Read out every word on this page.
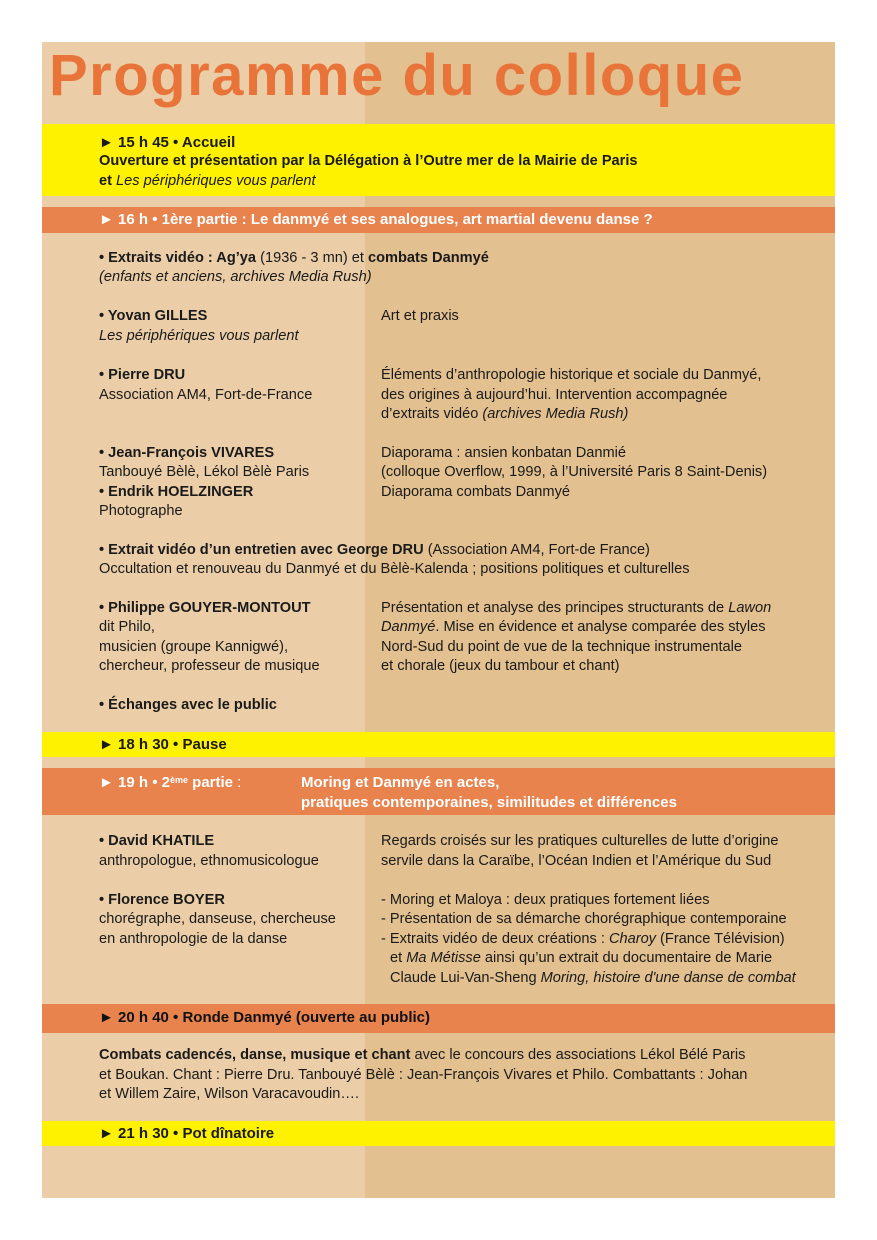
Programme du colloque
► 15 h 45 • Accueil
Ouverture et présentation par la Délégation à l’Outre mer de la Mairie de Paris
et Les périphériques vous parlent
► 16 h • 1ère partie : Le danmyé et ses analogues, art martial devenu danse ?
• Extraits vidéo : Ag’ya (1936 - 3 mn) et combats Danmyé
(enfants et anciens, archives Media Rush)
• Yovan GILLES
Les périphériques vous parlent
Art et praxis
• Pierre DRU
Association AM4, Fort-de-France
Éléments d’anthropologie historique et sociale du Danmyé,
des origines à aujourd’hui. Intervention accompagnée
d’extraits vidéo (archives Media Rush)
• Jean-François VIVARES
Tanbouyé Bèlè, Lékol Bèlè Paris
Diaporama : ansien konbatan Danmié
(colloque Overflow, 1999, à l’Université Paris 8 Saint-Denis)
• Endrik HOELZINGER
Photographe
Diaporama combats Danmyé
• Extrait vidéo d’un entretien avec George DRU (Association AM4, Fort-de France)
Occultation et renouveau du Danmyé et du Bèlè-Kalenda ; positions politiques et culturelles
• Philippe GOUYER-MONTOUT
dit Philo,
musicien (groupe Kannigwé),
chercheur, professeur de musique
Présentation et analyse des principes structurants de Lawon
Danmyé. Mise en évidence et analyse comparée des styles
Nord-Sud du point de vue de la technique instrumentale
et chorale (jeux du tambour et chant)
• Échanges avec le public
► 18 h 30 • Pause
► 19 h • 2ème partie :	Moring et Danmyé en actes,
pratiques contemporaines, similitudes et différences
• David KHATILE
anthropologue, ethnomusicologue
Regards croisés sur les pratiques culturelles de lutte d’origine
servile dans la Caraïbe, l’Océan Indien et l’Amérique du Sud
• Florence BOYER
chorégraphe, danseuse, chercheuse
en anthropologie de la danse
- Moring et Maloya : deux pratiques fortement liées
- Présentation de sa démarche chorégraphique contemporaine
- Extraits vidéo de deux créations : Charoy (France Télévision)
et Ma Métisse ainsi qu’un extrait du documentaire de Marie
Claude Lui-Van-Sheng Moring, histoire d'une danse de combat
► 20 h 40 • Ronde Danmyé (ouverte au public)
Combats cadencés, danse, musique et chant avec le concours des associations Lékol Bélé Paris
et Boukan. Chant : Pierre Dru. Tanbouyé Bèlè : Jean-François Vivares et Philo. Combattants : Johan
et Willem Zaire, Wilson Varacavoudin….
► 21 h 30 • Pot dînatoire
